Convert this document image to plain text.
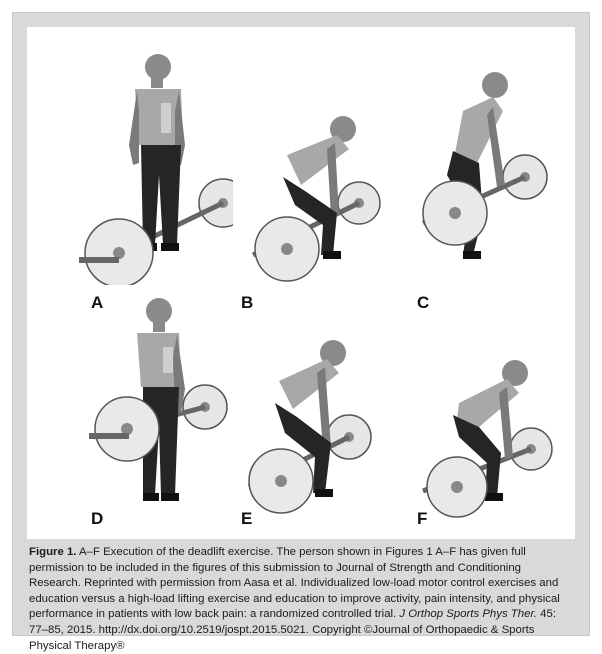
A	B	C
D	E	F
Figure 1. A–F Execution of the deadlift exercise. The person shown in Figures 1 A–F has given full permission to be included in the figures of this submission to Journal of Strength and Conditioning Research. Reprinted with permission from Aasa et al. Individualized low-load motor control exercises and education versus a high-load lifting exercise and education to improve activity, pain intensity, and physical performance in patients with low back pain: a randomized controlled trial. J Orthop Sports Phys Ther. 45: 77–85, 2015. http://dx.doi.org/10.2519/jospt.2015.5021. Copyright ©Journal of Orthopaedic & Sports Physical Therapy®
